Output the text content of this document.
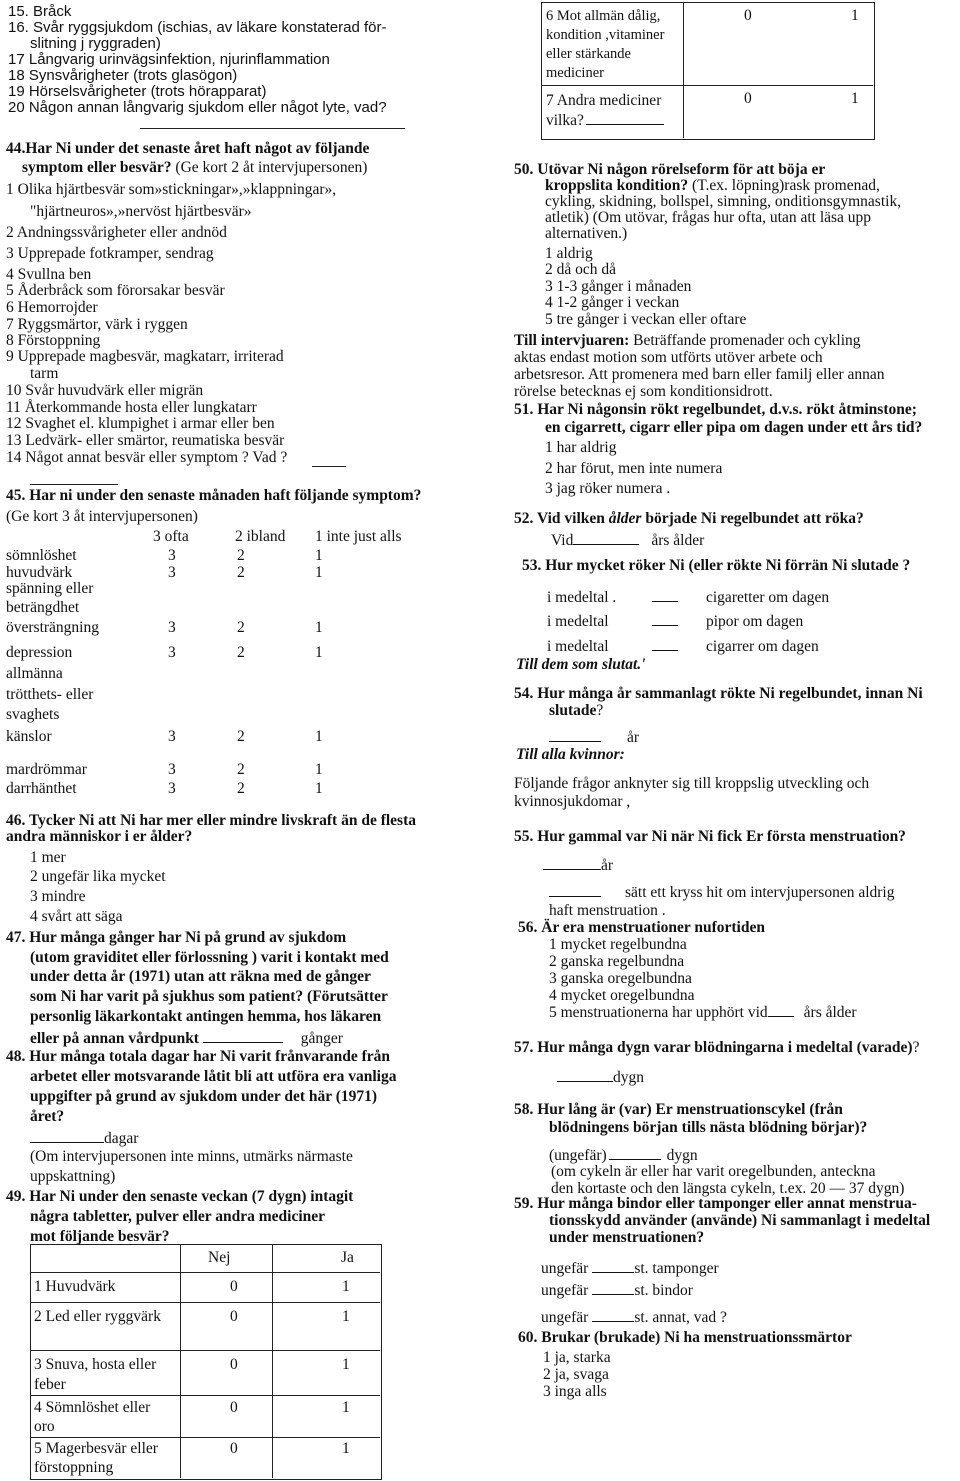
15. Bråck
16. Svår ryggsjukdom (ischias, av läkare konstaterad för-
slitning j ryggraden)
17 Långvarig urinvägsinfektion, njurinflammation
18 Synsvårigheter (trots glasögon)
19 Hörselsvårigheter (trots hörapparat)
20 Någon annan långvarig sjukdom eller något lyte, vad?
44.Har Ni under det senaste året haft något av följande
symptom eller besvär? (Ge kort 2 åt intervjupersonen)
1 Olika hjärtbesvär som»stickningar»,»klappningar»,
"hjärtneuros»,»nervöst hjärtbesvär»
2 Andningssvårigheter eller andnöd
3 Upprepade fotkramper, sendrag
4 Svullna ben
5 Åderbråck som förorsakar besvär
6 Hemorrojder
7 Ryggsmärtor, värk i ryggen
8 Förstoppning
9 Upprepade magbesvär, magkatarr, irriterad
tarm
10 Svår huvudvärk eller migrän
11 Återkommande hosta eller lungkatarr
12 Svaghet el. klumpighet i armar eller ben
13 Ledvärk- eller smärtor, reumatiska besvär
14 Något annat besvär eller symptom ? Vad ?
45. Har ni under den senaste månaden haft följande symptom?
(Ge kort 3 åt intervjupersonen)
3 ofta	2 ibland 1 inte just alls
sömnlöshet	3	2	1
huvudvärk	3	2	1
spänning eller
beträngdhet
översträngning	3	2	1
depression	3	2	1
allmänna
trötthets- eller
svaghets
känslor	3	2	1
mardrömmar	3	2	1
darrhänthet	3	2	1
46. Tycker Ni att Ni har mer eller mindre livskraft än de flesta
andra människor i er ålder?
1 mer
2 ungefär lika mycket
3 mindre
4 svårt att säga
47. Hur många gånger har Ni på grund av sjukdom
(utom graviditet eller förlossning ) varit i kontakt med
under detta år (1971) utan att räkna med de gånger
som Ni har varit på sjukhus som patient? (Förutsätter
personlig läkarkontakt antingen hemma, hos läkaren
eller på annan vårdpunkt	gånger
48. Hur många totala dagar har Ni varit frånvarande från
arbetet eller motsvarande låtit bli att utföra era vanliga
uppgifter på grund av sjukdom under det här (1971)
året?
dagar
(Om intervjupersonen inte minns, utmärks närmaste
uppskattning)
49. Har Ni under den senaste veckan (7 dygn) intagit
några tabletter, pulver eller andra mediciner
mot följande besvär?
Nej	Ja
1 Huvudvärk	0	1
2 Led eller ryggvärk	0	1
3 Snuva, hosta eller
feber
0	1
4 Sömnlöshet eller
oro
0	1
5 Magerbesvär eller
förstoppning
0	1
6 Mot allmän dålig,
kondition ,vitaminer
eller stärkande
mediciner
0	1
7 Andra mediciner
vilka?
0	1
50. Utövar Ni någon rörelseform för att böja er
kroppslita kondition? (T.ex. löpning)rask promenad,
cykling, skidning, bollspel, simning, onditionsgymnastik,
atletik) (Om utövar, frågas hur ofta, utan att läsa upp
alternativen.)
1 aldrig
2 då och då
3 1-3 gånger i månaden
4 1-2 gånger i veckan
5 tre gånger i veckan eller oftare
Till intervjuaren: Beträffande promenader och cykling
aktas endast motion som utförts utöver arbete och
arbetsresor. Att promenera med barn eller familj eller annan
rörelse betecknas ej som konditionsidrott.
51. Har Ni någonsin rökt regelbundet, d.v.s. rökt åtminstone;
en cigarrett, cigarr eller pipa om dagen under ett års tid?
1 har aldrig
2 har förut, men inte numera
3 jag röker numera .
52. Vid vilken ålder började Ni regelbundet att röka?
Vid	års ålder
53. Hur mycket röker Ni (eller rökte Ni förrän Ni slutade ?
i medeltal .	cigaretter om dagen
i medeltal	pipor om dagen
i medeltal	cigarrer om dagen
Till dem som slutat.'
54. Hur många år sammanlagt rökte Ni regelbundet, innan Ni
slutade?
år
Till alla kvinnor:
Följande frågor anknyter sig till kroppslig utveckling och
kvinnosjukdomar ,
55. Hur gammal var Ni när Ni fick Er första menstruation?
år
sätt ett kryss hit om intervjupersonen aldrig
haft menstruation .
56. Är era menstruationer nufortiden
1 mycket regelbundna
2 ganska regelbundna
3 ganska oregelbundna
4 mycket oregelbundna
5 menstruationerna har upphört vid års ålder
57. Hur många dygn varar blödningarna i medeltal (varade)?
dygn
58. Hur lång är (var) Er menstruationscykel (från
blödningens början tills nästa blödning börjar)?
(ungefär)	dygn
(om cykeln är eller har varit oregelbunden, anteckna
den kortaste och den längsta cykeln, t.ex. 20 — 37 dygn)
59. Hur många bindor eller tamponger eller annat menstrua-
tionsskydd använder (använde) Ni sammanlagt i medeltal
under menstruationen?
ungefär	st. tamponger
ungefär	st. bindor
ungefär	st. annat, vad ?
60. Brukar (brukade) Ni ha menstruationssmärtor
1 ja, starka
2 ja, svaga
3 inga alls
